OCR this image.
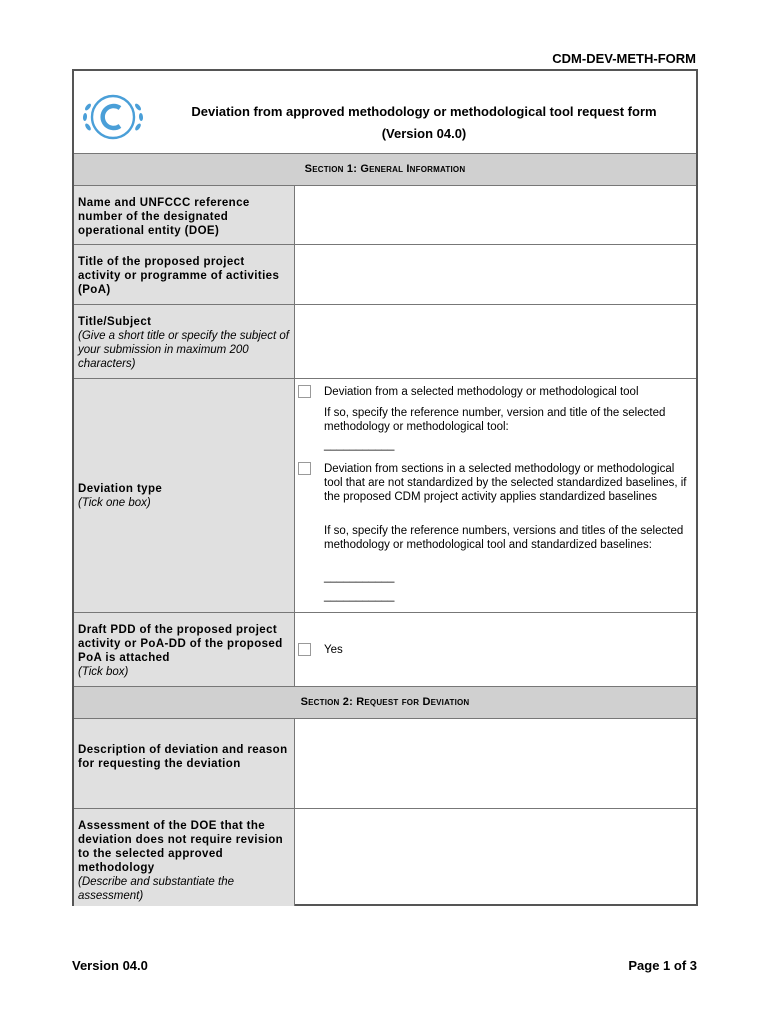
CDM-DEV-METH-FORM
Deviation from approved methodology or methodological tool request form
(Version 04.0)
Section 1: General Information
Name and UNFCCC reference number of the designated operational entity (DOE)
Title of the proposed project activity or programme of activities (PoA)
Title/Subject
(Give a short title or specify the subject of your submission in maximum 200 characters)
Deviation type
(Tick one box)
Deviation from a selected methodology or methodological tool
If so, specify the reference number, version and title of the selected methodology or methodological tool:
___________
Deviation from sections in a selected methodology or methodological tool that are not standardized by the selected standardized baselines, if the proposed CDM project activity applies standardized baselines
If so, specify the reference numbers, versions and titles of the selected methodology or methodological tool and standardized baselines:
___________
___________
Draft PDD of the proposed project activity or PoA-DD of the proposed PoA is attached
(Tick box)
Yes
Section 2: Request for Deviation
Description of deviation and reason for requesting the deviation
Assessment of the DOE that the deviation does not require revision to the selected approved methodology
(Describe and substantiate the assessment)
Version 04.0	Page 1 of 3
